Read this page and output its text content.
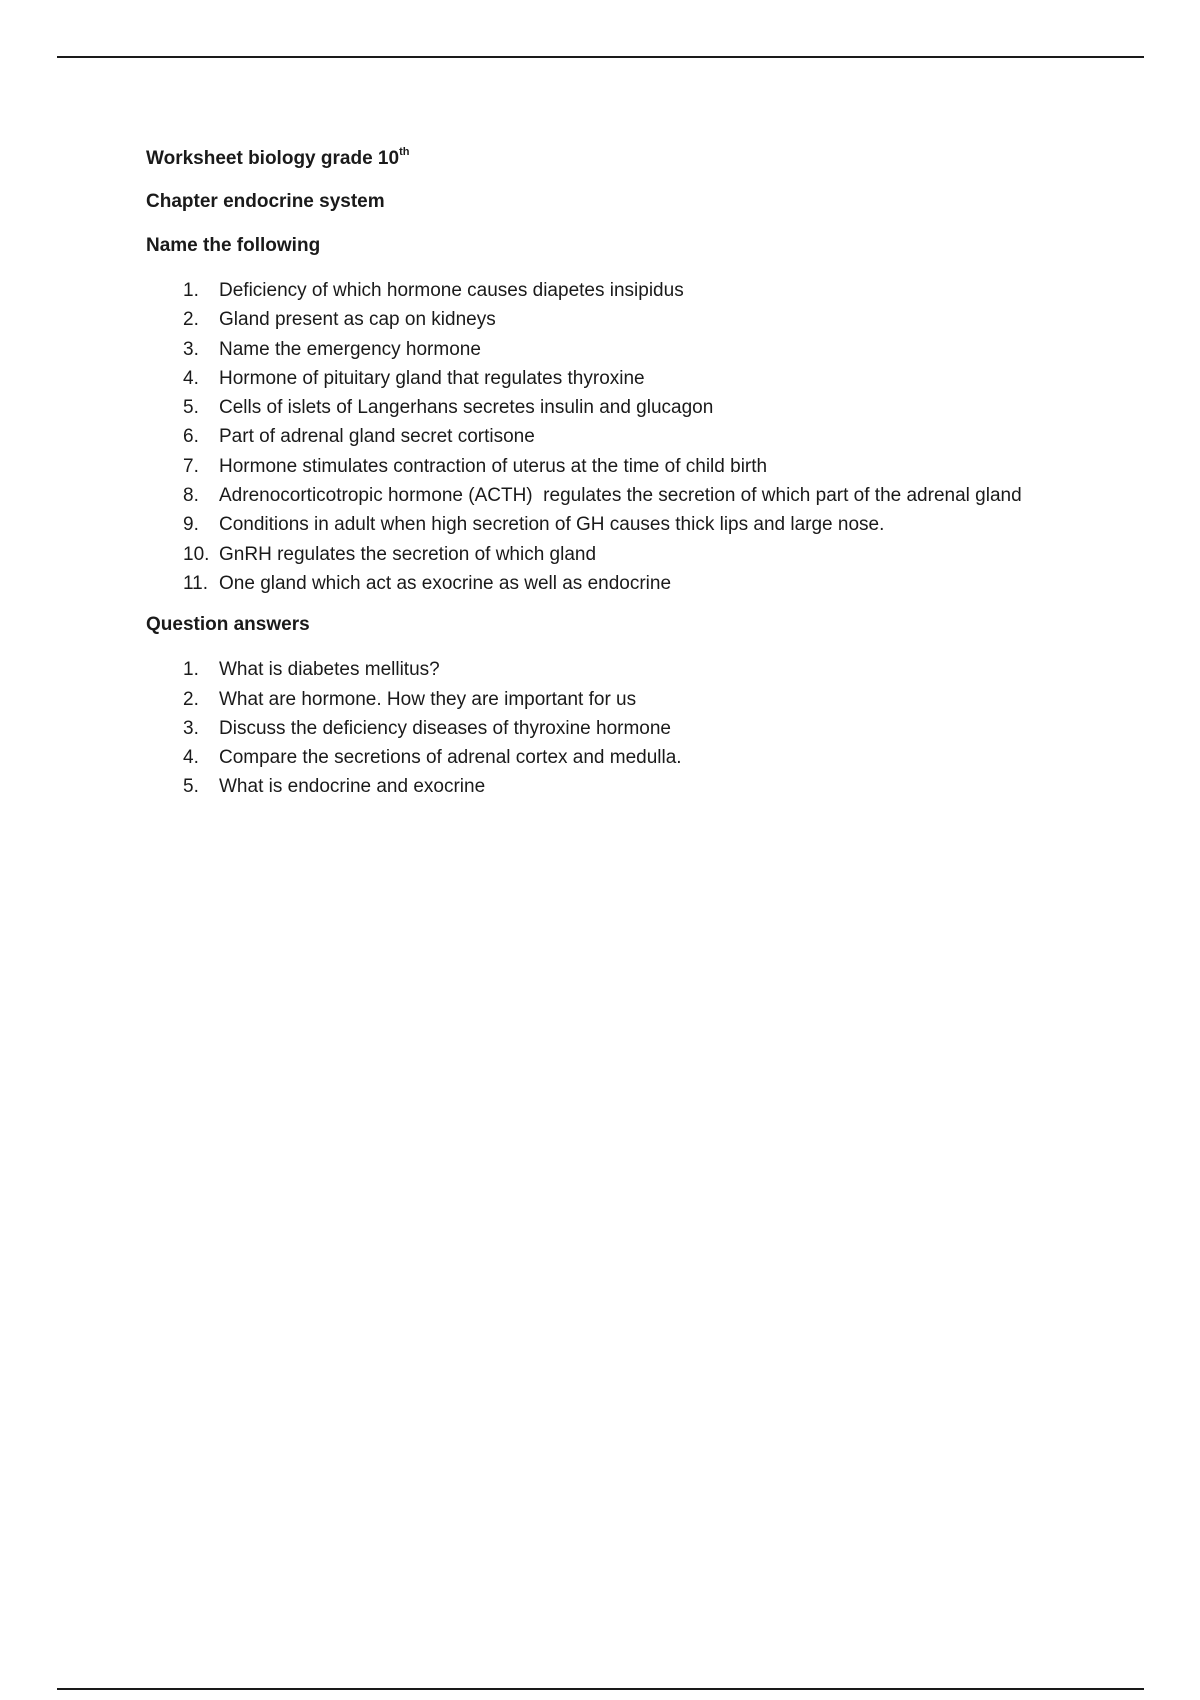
Worksheet biology grade 10th

Chapter endocrine system

Name the following

1.	Deficiency of which hormone causes diapetes insipidus
2.	Gland present as cap on kidneys
3.	Name the emergency hormone
4.	Hormone of pituitary gland that regulates thyroxine
5.	Cells of islets of Langerhans secretes insulin and glucagon
6.	Part of adrenal gland secret cortisone
7.	Hormone stimulates contraction of uterus at the time of child birth
8.	Adrenocorticotropic hormone (ACTH)  regulates the secretion of which part of the adrenal gland
9.	Conditions in adult when high secretion of GH causes thick lips and large nose.
10. GnRH regulates the secretion of which gland
11. One gland which act as exocrine as well as endocrine

Question answers

1.	What is diabetes mellitus?
2.	What are hormone. How they are important for us
3.	Discuss the deficiency diseases of thyroxine hormone
4.	Compare the secretions of adrenal cortex and medulla.
5.	What is endocrine and exocrine
